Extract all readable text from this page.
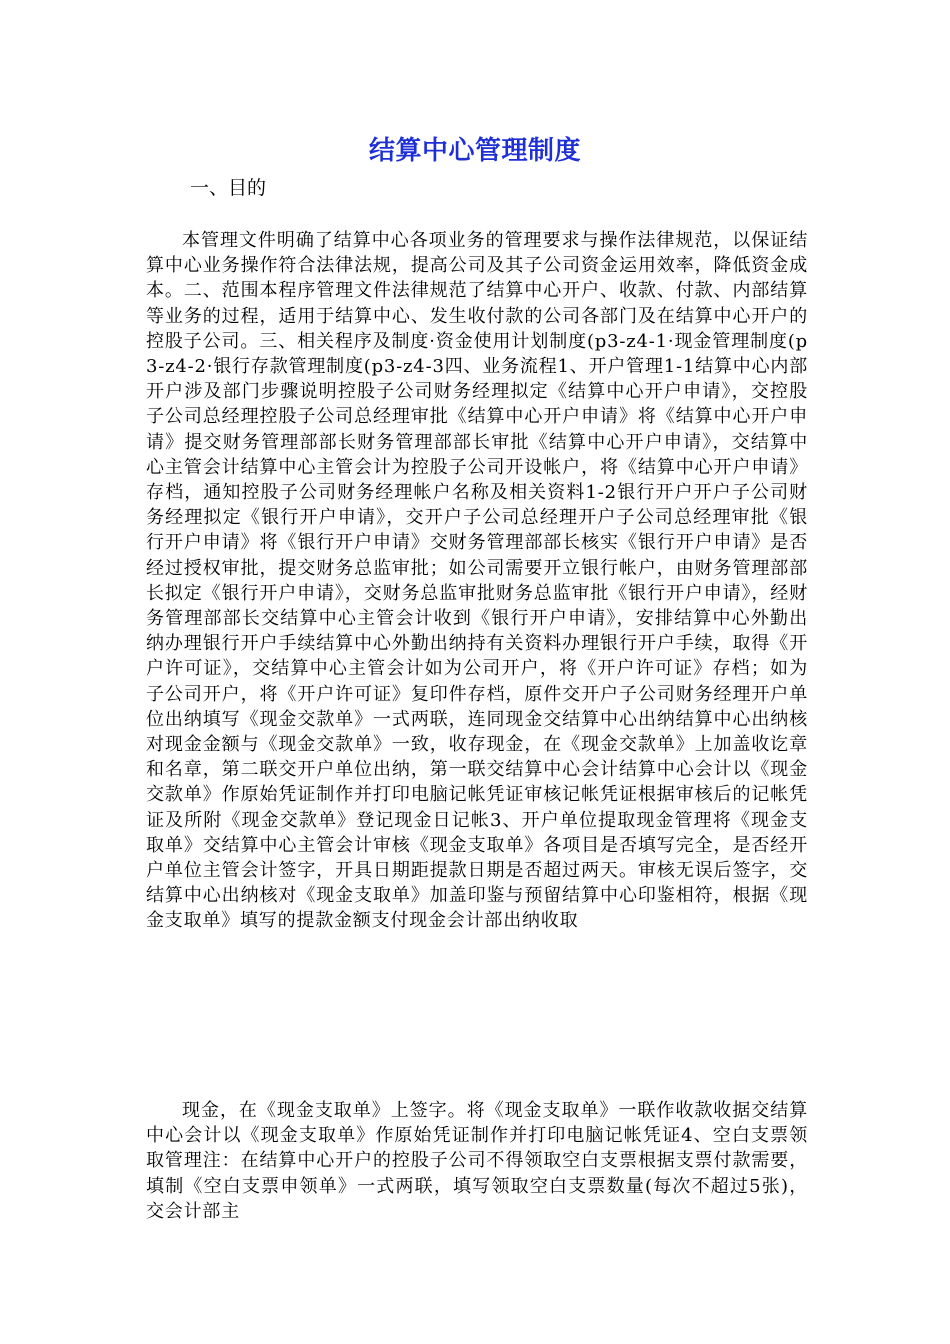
结算中心管理制度

一、目的

本管理文件明确了结算中心各项业务的管理要求与操作法律规范，以保证结算中心业务操作符合法律法规，提高公司及其子公司资金运用效率，降低资金成本。二、范围本程序管理文件法律规范了结算中心开户、收款、付款、内部结算等业务的过程，适用于结算中心、发生收付款的公司各部门及在结算中心开户的控股子公司。三、相关程序及制度·资金使用计划制度(p3-z4-1·现金管理制度(p3-z4-2·银行存款管理制度(p3-z4-3四、业务流程1、开户管理1-1结算中心内部开户涉及部门步骤说明控股子公司财务经理拟定《结算中心开户申请》，交控股子公司总经理控股子公司总经理审批《结算中心开户申请》将《结算中心开户申请》提交财务管理部部长财务管理部部长审批《结算中心开户申请》，交结算中心主管会计结算中心主管会计为控股子公司开设帐户，将《结算中心开户申请》存档，通知控股子公司财务经理帐户名称及相关资料1-2银行开户开户子公司财务经理拟定《银行开户申请》，交开户子公司总经理开户子公司总经理审批《银行开户申请》将《银行开户申请》交财务管理部部长核实《银行开户申请》是否经过授权审批，提交财务总监审批；如公司需要开立银行帐户，由财务管理部部长拟定《银行开户申请》，交财务总监审批财务总监审批《银行开户申请》，经财务管理部部长交结算中心主管会计收到《银行开户申请》，安排结算中心外勤出纳办理银行开户手续结算中心外勤出纳持有关资料办理银行开户手续，取得《开户许可证》，交结算中心主管会计如为公司开户，将《开户许可证》存档；如为子公司开户，将《开户许可证》复印件存档，原件交开户子公司财务经理开户单位出纳填写《现金交款单》一式两联，连同现金交结算中心出纳结算中心出纳核对现金金额与《现金交款单》一致，收存现金，在《现金交款单》上加盖收讫章和名章，第二联交开户单位出纳，第一联交结算中心会计结算中心会计以《现金交款单》作原始凭证制作并打印电脑记帐凭证审核记帐凭证根据审核后的记帐凭证及所附《现金交款单》登记现金日记帐3、开户单位提取现金管理将《现金支取单》交结算中心主管会计审核《现金支取单》各项目是否填写完全，是否经开户单位主管会计签字，开具日期距提款日期是否超过两天。审核无误后签字，交结算中心出纳核对《现金支取单》加盖印鉴与预留结算中心印鉴相符，根据《现金支取单》填写的提款金额支付现金会计部出纳收取

现金，在《现金支取单》上签字。将《现金支取单》一联作收款收据交结算中心会计以《现金支取单》作原始凭证制作并打印电脑记帐凭证4、空白支票领取管理注：在结算中心开户的控股子公司不得领取空白支票根据支票付款需要，填制《空白支票申领单》一式两联，填写领取空白支票数量(每次不超过5张)，交会计部主
